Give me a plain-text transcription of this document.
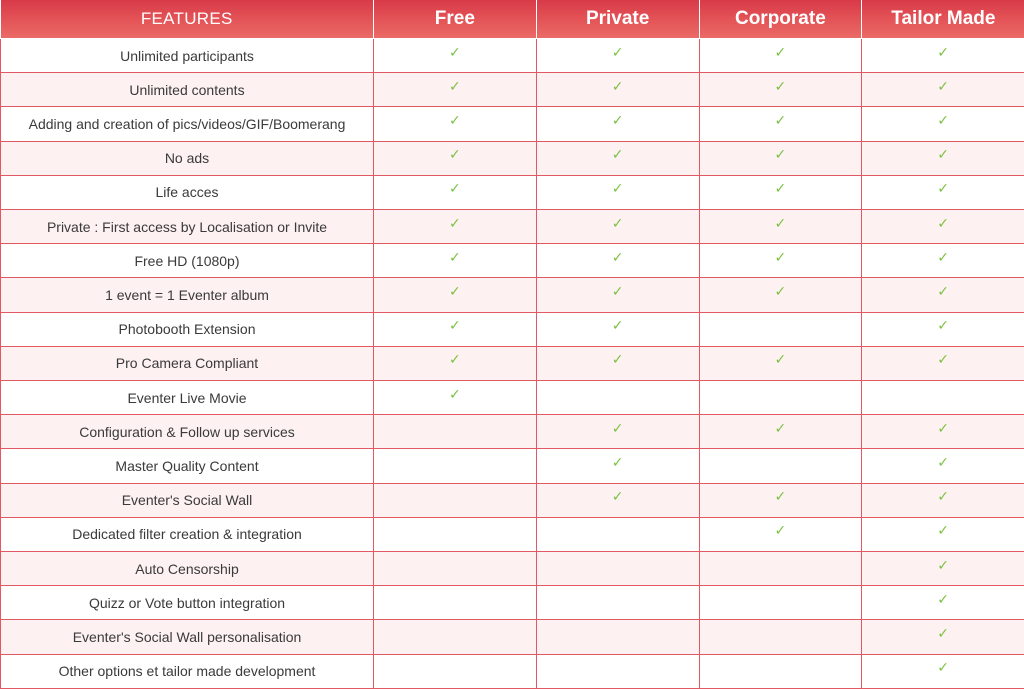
FEATURES	Free	Private	Corporate	Tailor Made
Unlimited participants	✓	✓	✓	✓
Unlimited contents	✓	✓	✓	✓
Adding and creation of pics/videos/GIF/Boomerang	✓	✓	✓	✓
No ads	✓	✓	✓	✓
Life acces	✓	✓	✓	✓
Private : First access by Localisation or Invite	✓	✓	✓	✓
Free HD (1080p)	✓	✓	✓	✓
1 event = 1 Eventer album	✓	✓	✓	✓
Photobooth Extension	✓	✓		✓
Pro Camera Compliant	✓	✓	✓	✓
Eventer Live Movie	✓			
Configuration & Follow up services		✓	✓	✓
Master Quality Content		✓		✓
Eventer's Social Wall		✓	✓	✓
Dedicated filter creation & integration			✓	✓
Auto Censorship				✓
Quizz or Vote button integration				✓
Eventer's Social Wall personalisation				✓
Other options et tailor made development				✓
